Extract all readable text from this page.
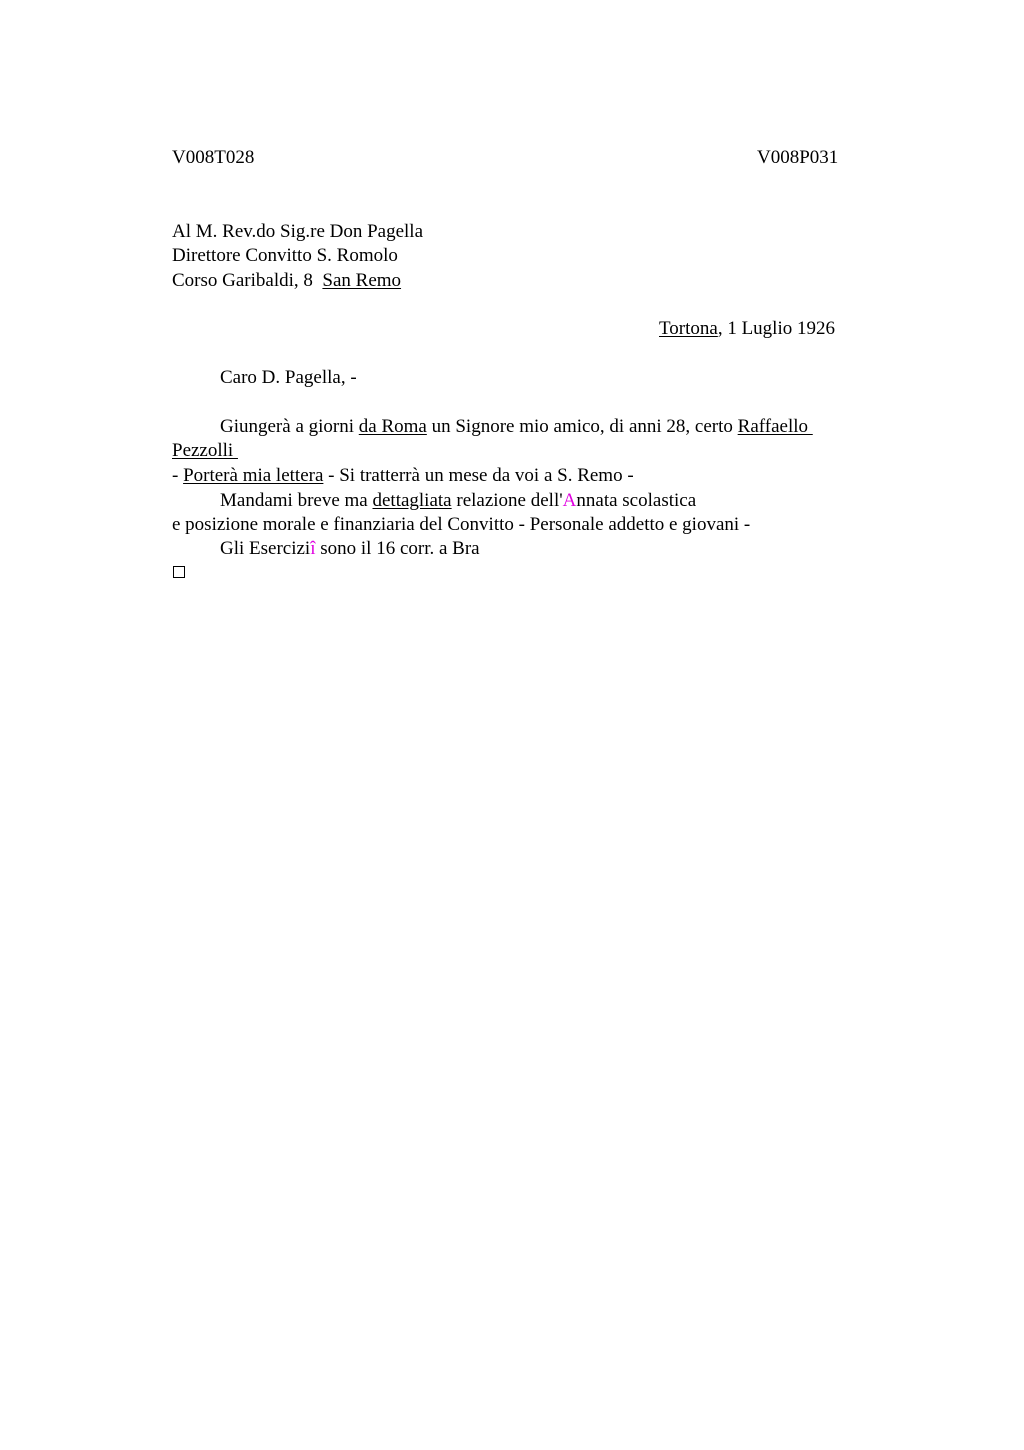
V008T028	V008P031
Al M. Rev.do Sig.re Don Pagella
Direttore Convitto S. Romolo
Corso Garibaldi, 8  San Remo
Tortona, 1 Luglio 1926
Caro D. Pagella, -
Giungerà a giorni da Roma un Signore mio amico, di anni 28, certo Raffaello
Pezzolli
- Porterà mia lettera - Si tratterrà un mese da voi a S. Remo -
Mandami breve ma dettagliata relazione dell'Annata scolastica
e posizione morale e finanziaria del Convitto - Personale addetto e giovani -
Gli Eserciziî sono il 16 corr. a Bra
